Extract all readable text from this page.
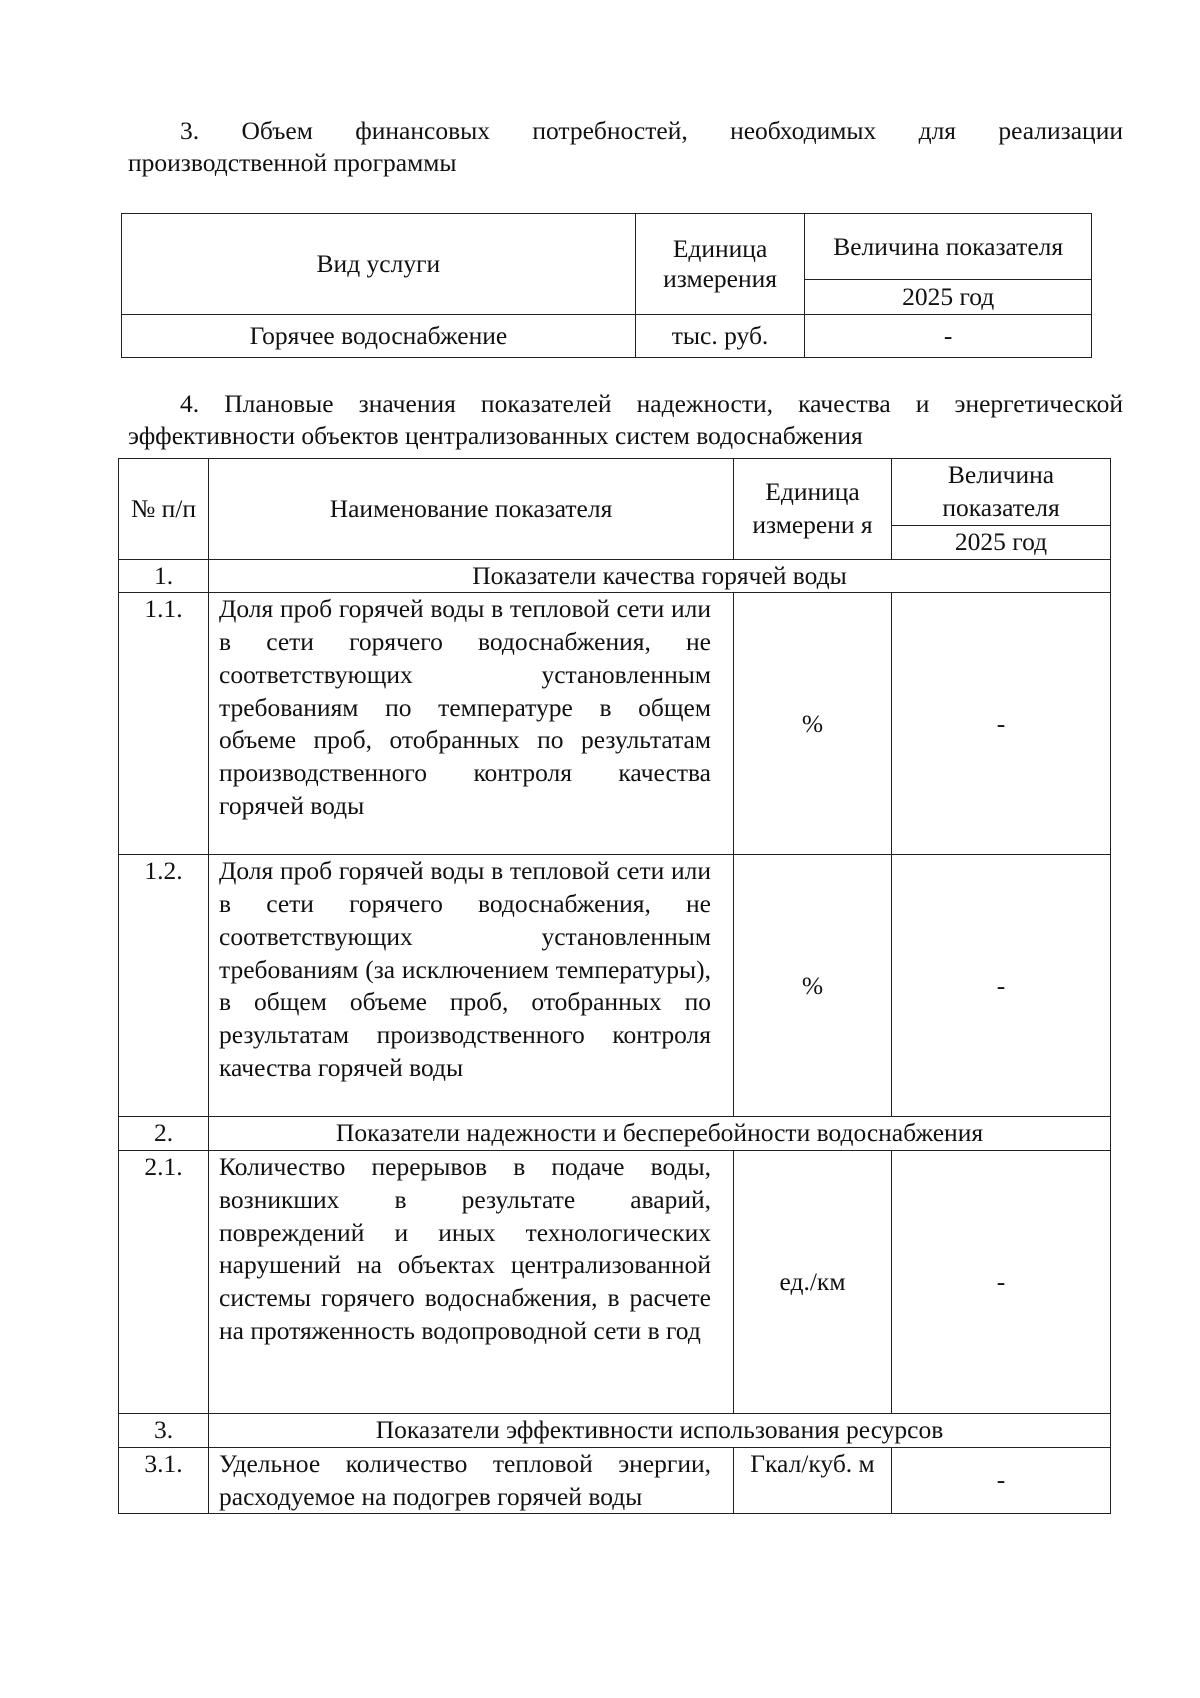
3. Объем финансовых потребностей, необходимых для реализации
производственной программы

Вид услуги	Единица измерения	Величина показателя
		2025 год
Горячее водоснабжение	тыс. руб.	-

4. Плановые значения показателей надежности, качества и энергетической
эффективности объектов централизованных систем водоснабжения

№ п/п	Наименование показателя	Единица измерени я	Величина показателя
			2025 год
1.	Показатели качества горячей воды		
1.1.	Доля проб горячей воды в тепловой сети или в сети горячего водоснабжения, не соответствующих установленным требованиям по температуре в общем объеме проб, отобранных по результатам производственного контроля качества горячей воды	%	-
1.2.	Доля проб горячей воды в тепловой сети или в сети горячего водоснабжения, не соответствующих установленным требованиям (за исключением температуры), в общем объеме проб, отобранных по результатам производственного контроля качества горячей воды	%	-
2.	Показатели надежности и бесперебойности водоснабжения		
2.1.	Количество перерывов в подаче воды, возникших в результате аварий, повреждений и иных технологических нарушений на объектах централизованной системы горячего водоснабжения, в расчете на протяженность водопроводной сети в год	ед./км	-
3.	Показатели эффективности использования ресурсов		
3.1.	Удельное количество тепловой энергии, расходуемое на подогрев горячей воды	Гкал/куб. м	-
